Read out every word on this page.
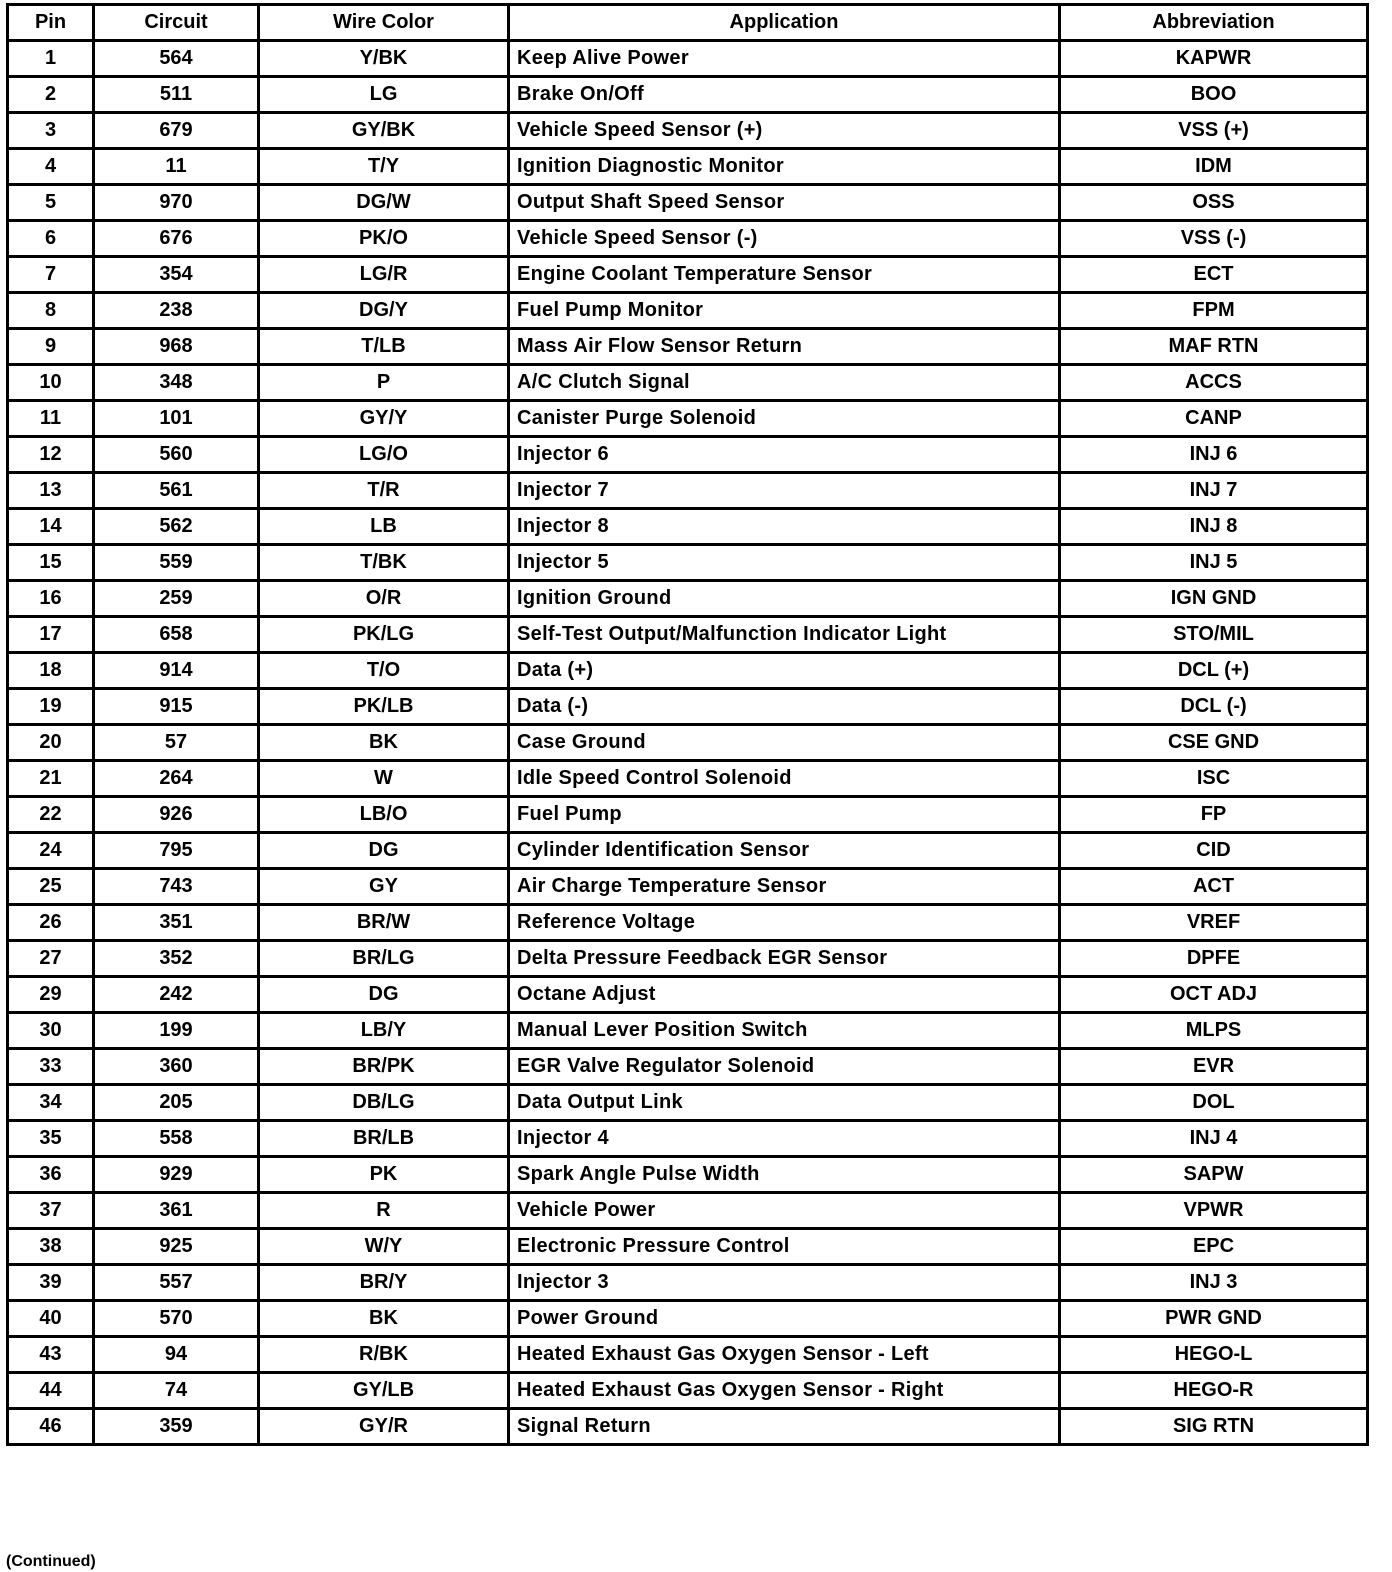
Pin	Circuit	Wire Color	Application	Abbreviation
1	564	Y/BK	Keep Alive Power	KAPWR
2	511	LG	Brake On/Off	BOO
3	679	GY/BK	Vehicle Speed Sensor (+)	VSS (+)
4	11	T/Y	Ignition Diagnostic Monitor	IDM
5	970	DG/W	Output Shaft Speed Sensor	OSS
6	676	PK/O	Vehicle Speed Sensor (-)	VSS (-)
7	354	LG/R	Engine Coolant Temperature Sensor	ECT
8	238	DG/Y	Fuel Pump Monitor	FPM
9	968	T/LB	Mass Air Flow Sensor Return	MAF RTN
10	348	P	A/C Clutch Signal	ACCS
11	101	GY/Y	Canister Purge Solenoid	CANP
12	560	LG/O	Injector 6	INJ 6
13	561	T/R	Injector 7	INJ 7
14	562	LB	Injector 8	INJ 8
15	559	T/BK	Injector 5	INJ 5
16	259	O/R	Ignition Ground	IGN GND
17	658	PK/LG	Self-Test Output/Malfunction Indicator Light	STO/MIL
18	914	T/O	Data (+)	DCL (+)
19	915	PK/LB	Data (-)	DCL (-)
20	57	BK	Case Ground	CSE GND
21	264	W	Idle Speed Control Solenoid	ISC
22	926	LB/O	Fuel Pump	FP
24	795	DG	Cylinder Identification Sensor	CID
25	743	GY	Air Charge Temperature Sensor	ACT
26	351	BR/W	Reference Voltage	VREF
27	352	BR/LG	Delta Pressure Feedback EGR Sensor	DPFE
29	242	DG	Octane Adjust	OCT ADJ
30	199	LB/Y	Manual Lever Position Switch	MLPS
33	360	BR/PK	EGR Valve Regulator Solenoid	EVR
34	205	DB/LG	Data Output Link	DOL
35	558	BR/LB	Injector 4	INJ 4
36	929	PK	Spark Angle Pulse Width	SAPW
37	361	R	Vehicle Power	VPWR
38	925	W/Y	Electronic Pressure Control	EPC
39	557	BR/Y	Injector 3	INJ 3
40	570	BK	Power Ground	PWR GND
43	94	R/BK	Heated Exhaust Gas Oxygen Sensor - Left	HEGO-L
44	74	GY/LB	Heated Exhaust Gas Oxygen Sensor - Right	HEGO-R
46	359	GY/R	Signal Return	SIG RTN
(Continued)
